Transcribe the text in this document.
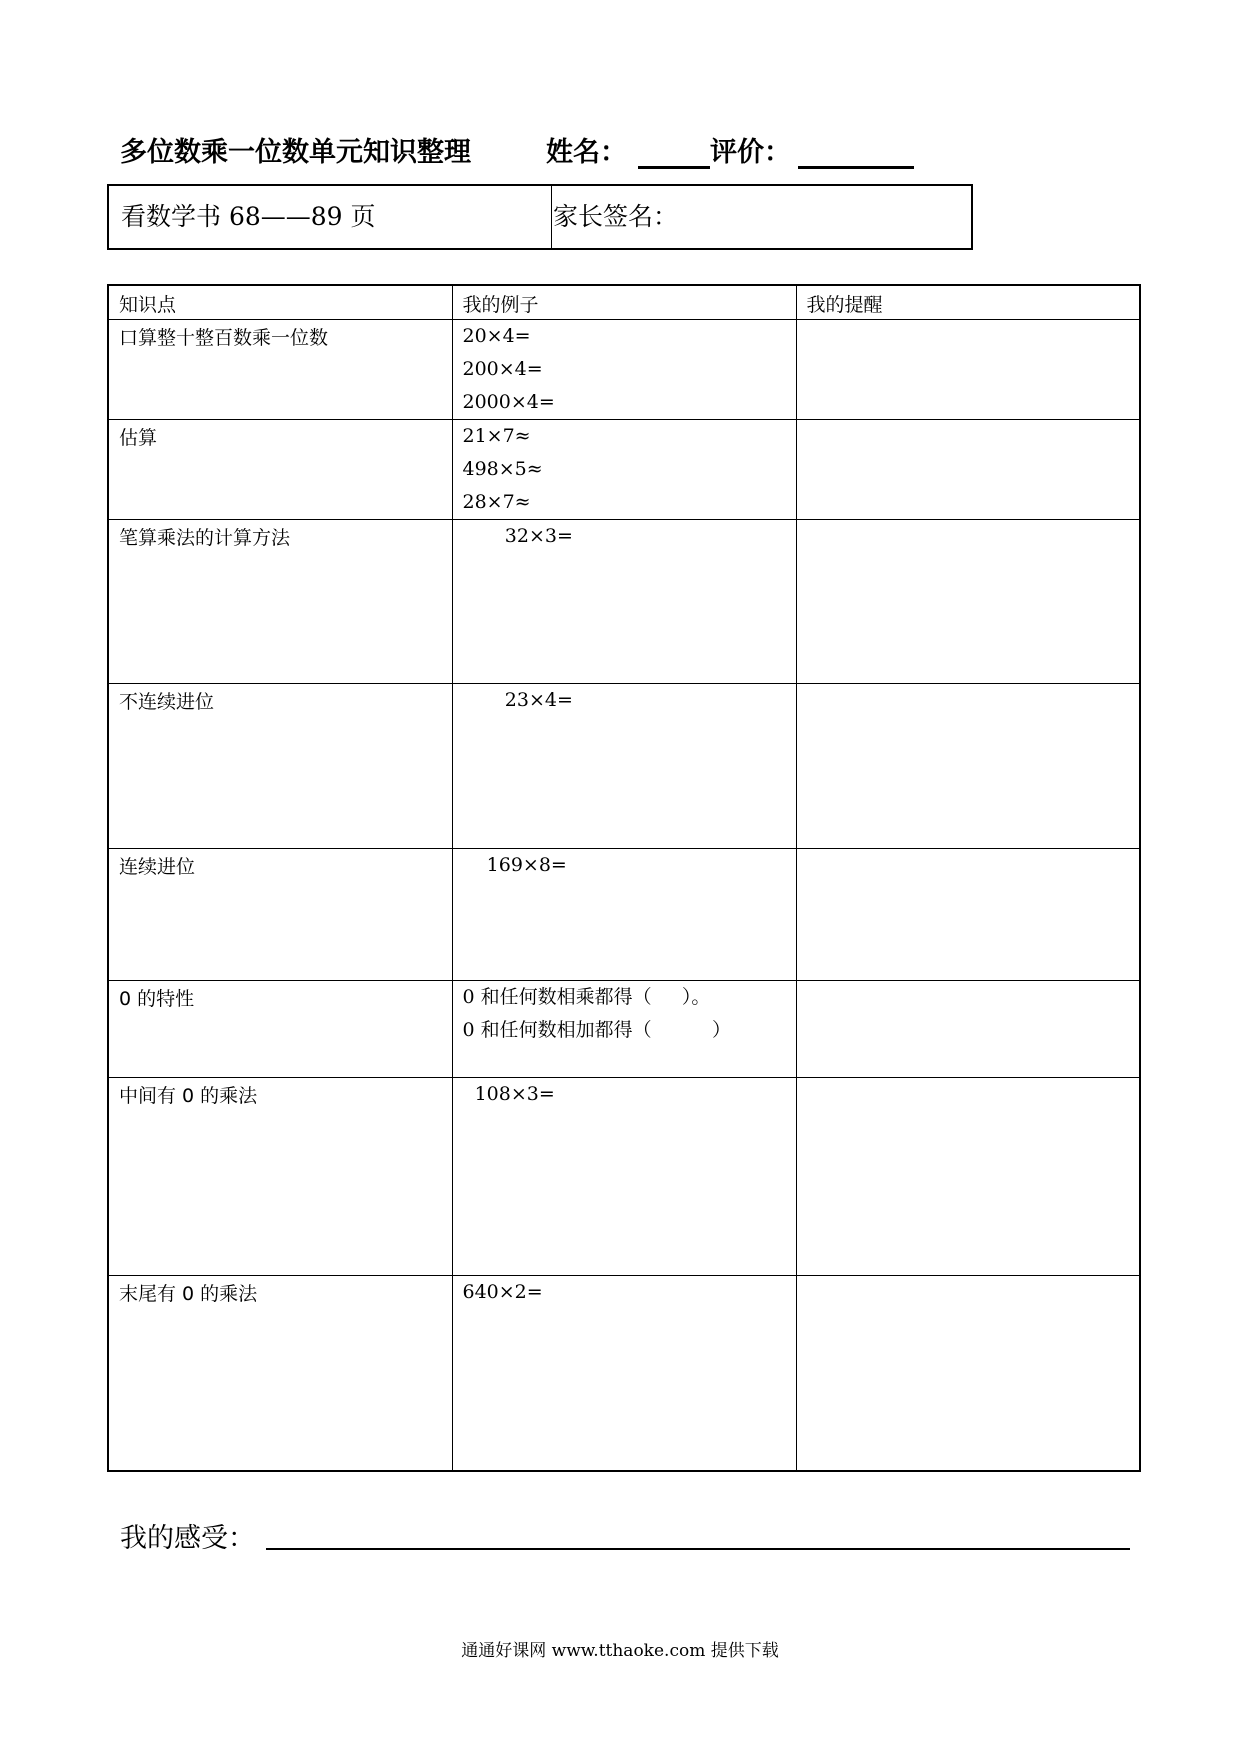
多位数乘一位数单元知识整理	姓名：	评价：
看数学书 68——89 页	家长签名：
知识点	我的例子	我的提醒
口算整十整百数乘一位数	20×4=
200×4=
2000×4=	

估算	21×7≈
498×5≈
28×7≈	

笔算乘法的计算方法	32×3=	

不连续进位	23×4=	

连续进位	169×8=	

0 的特性	0 和任何数相乘都得（     ）。
0 和任何数相加都得（          ）	

中间有 0 的乘法	108×3=	

末尾有 0 的乘法	640×2=	

我的感受：
通通好课网 www.tthaoke.com 提供下载
